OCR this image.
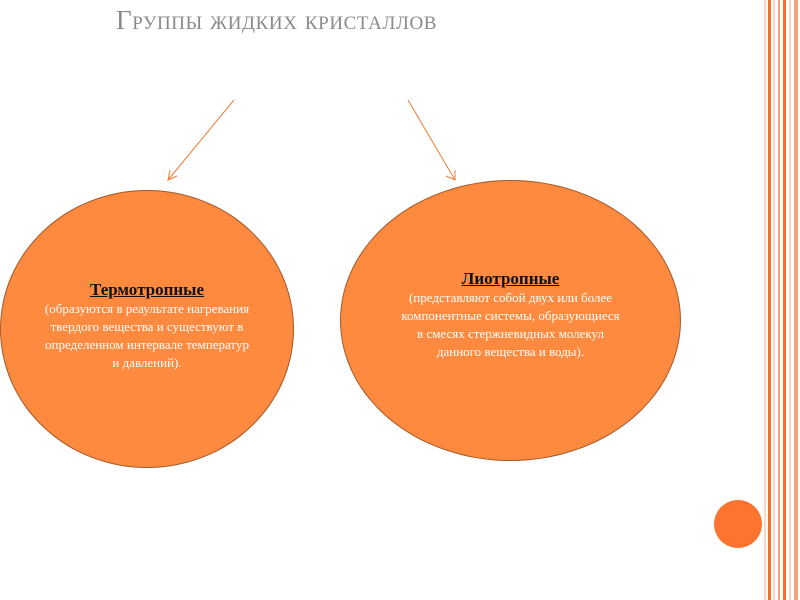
Группы жидких кристаллов
Термотропные
(образуются в реаультате нагревания твердого вещества и существуют в определенном интервале температур и давлений).
Лиотропные
(представляют собой двух или более компонентные системы, образующиеся в смесях стержневидных молекул данного вещества и воды).
